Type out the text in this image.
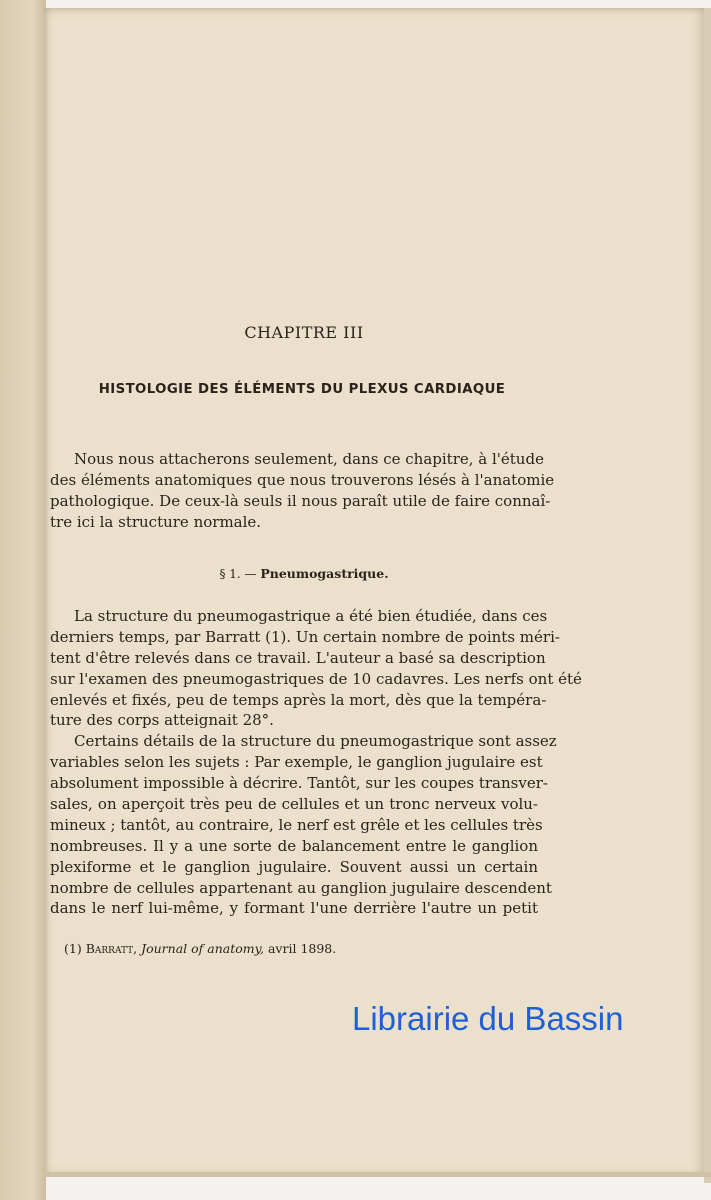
CHAPITRE III
HISTOLOGIE DES ÉLÉMENTS DU PLEXUS CARDIAQUE
Nous nous attacherons seulement, dans ce chapitre, à l'étude
des éléments anatomiques que nous trouverons lésés à l'anatomie
pathologique. De ceux-là seuls il nous paraît utile de faire connaî-
tre ici la structure normale.
§ 1. — Pneumogastrique.
La structure du pneumogastrique a été bien étudiée, dans ces
derniers temps, par Barratt (1). Un certain nombre de points méri-
tent d'être relevés dans ce travail. L'auteur a basé sa description
sur l'examen des pneumogastriques de 10 cadavres. Les nerfs ont été
enlevés et fixés, peu de temps après la mort, dès que la tempéra-
ture des corps atteignait 28°.
Certains détails de la structure du pneumogastrique sont assez
variables selon les sujets : Par exemple, le ganglion jugulaire est
absolument impossible à décrire. Tantôt, sur les coupes transver-
sales, on aperçoit très peu de cellules et un tronc nerveux volu-
mineux ; tantôt, au contraire, le nerf est grêle et les cellules très
nombreuses. Il y a une sorte de balancement entre le ganglion
plexiforme et le ganglion jugulaire. Souvent aussi un certain
nombre de cellules appartenant au ganglion jugulaire descendent
dans le nerf lui-même, y formant l'une derrière l'autre un petit
(1) Barratt, Journal of anatomy, avril 1898.
Librairie du Bassin
